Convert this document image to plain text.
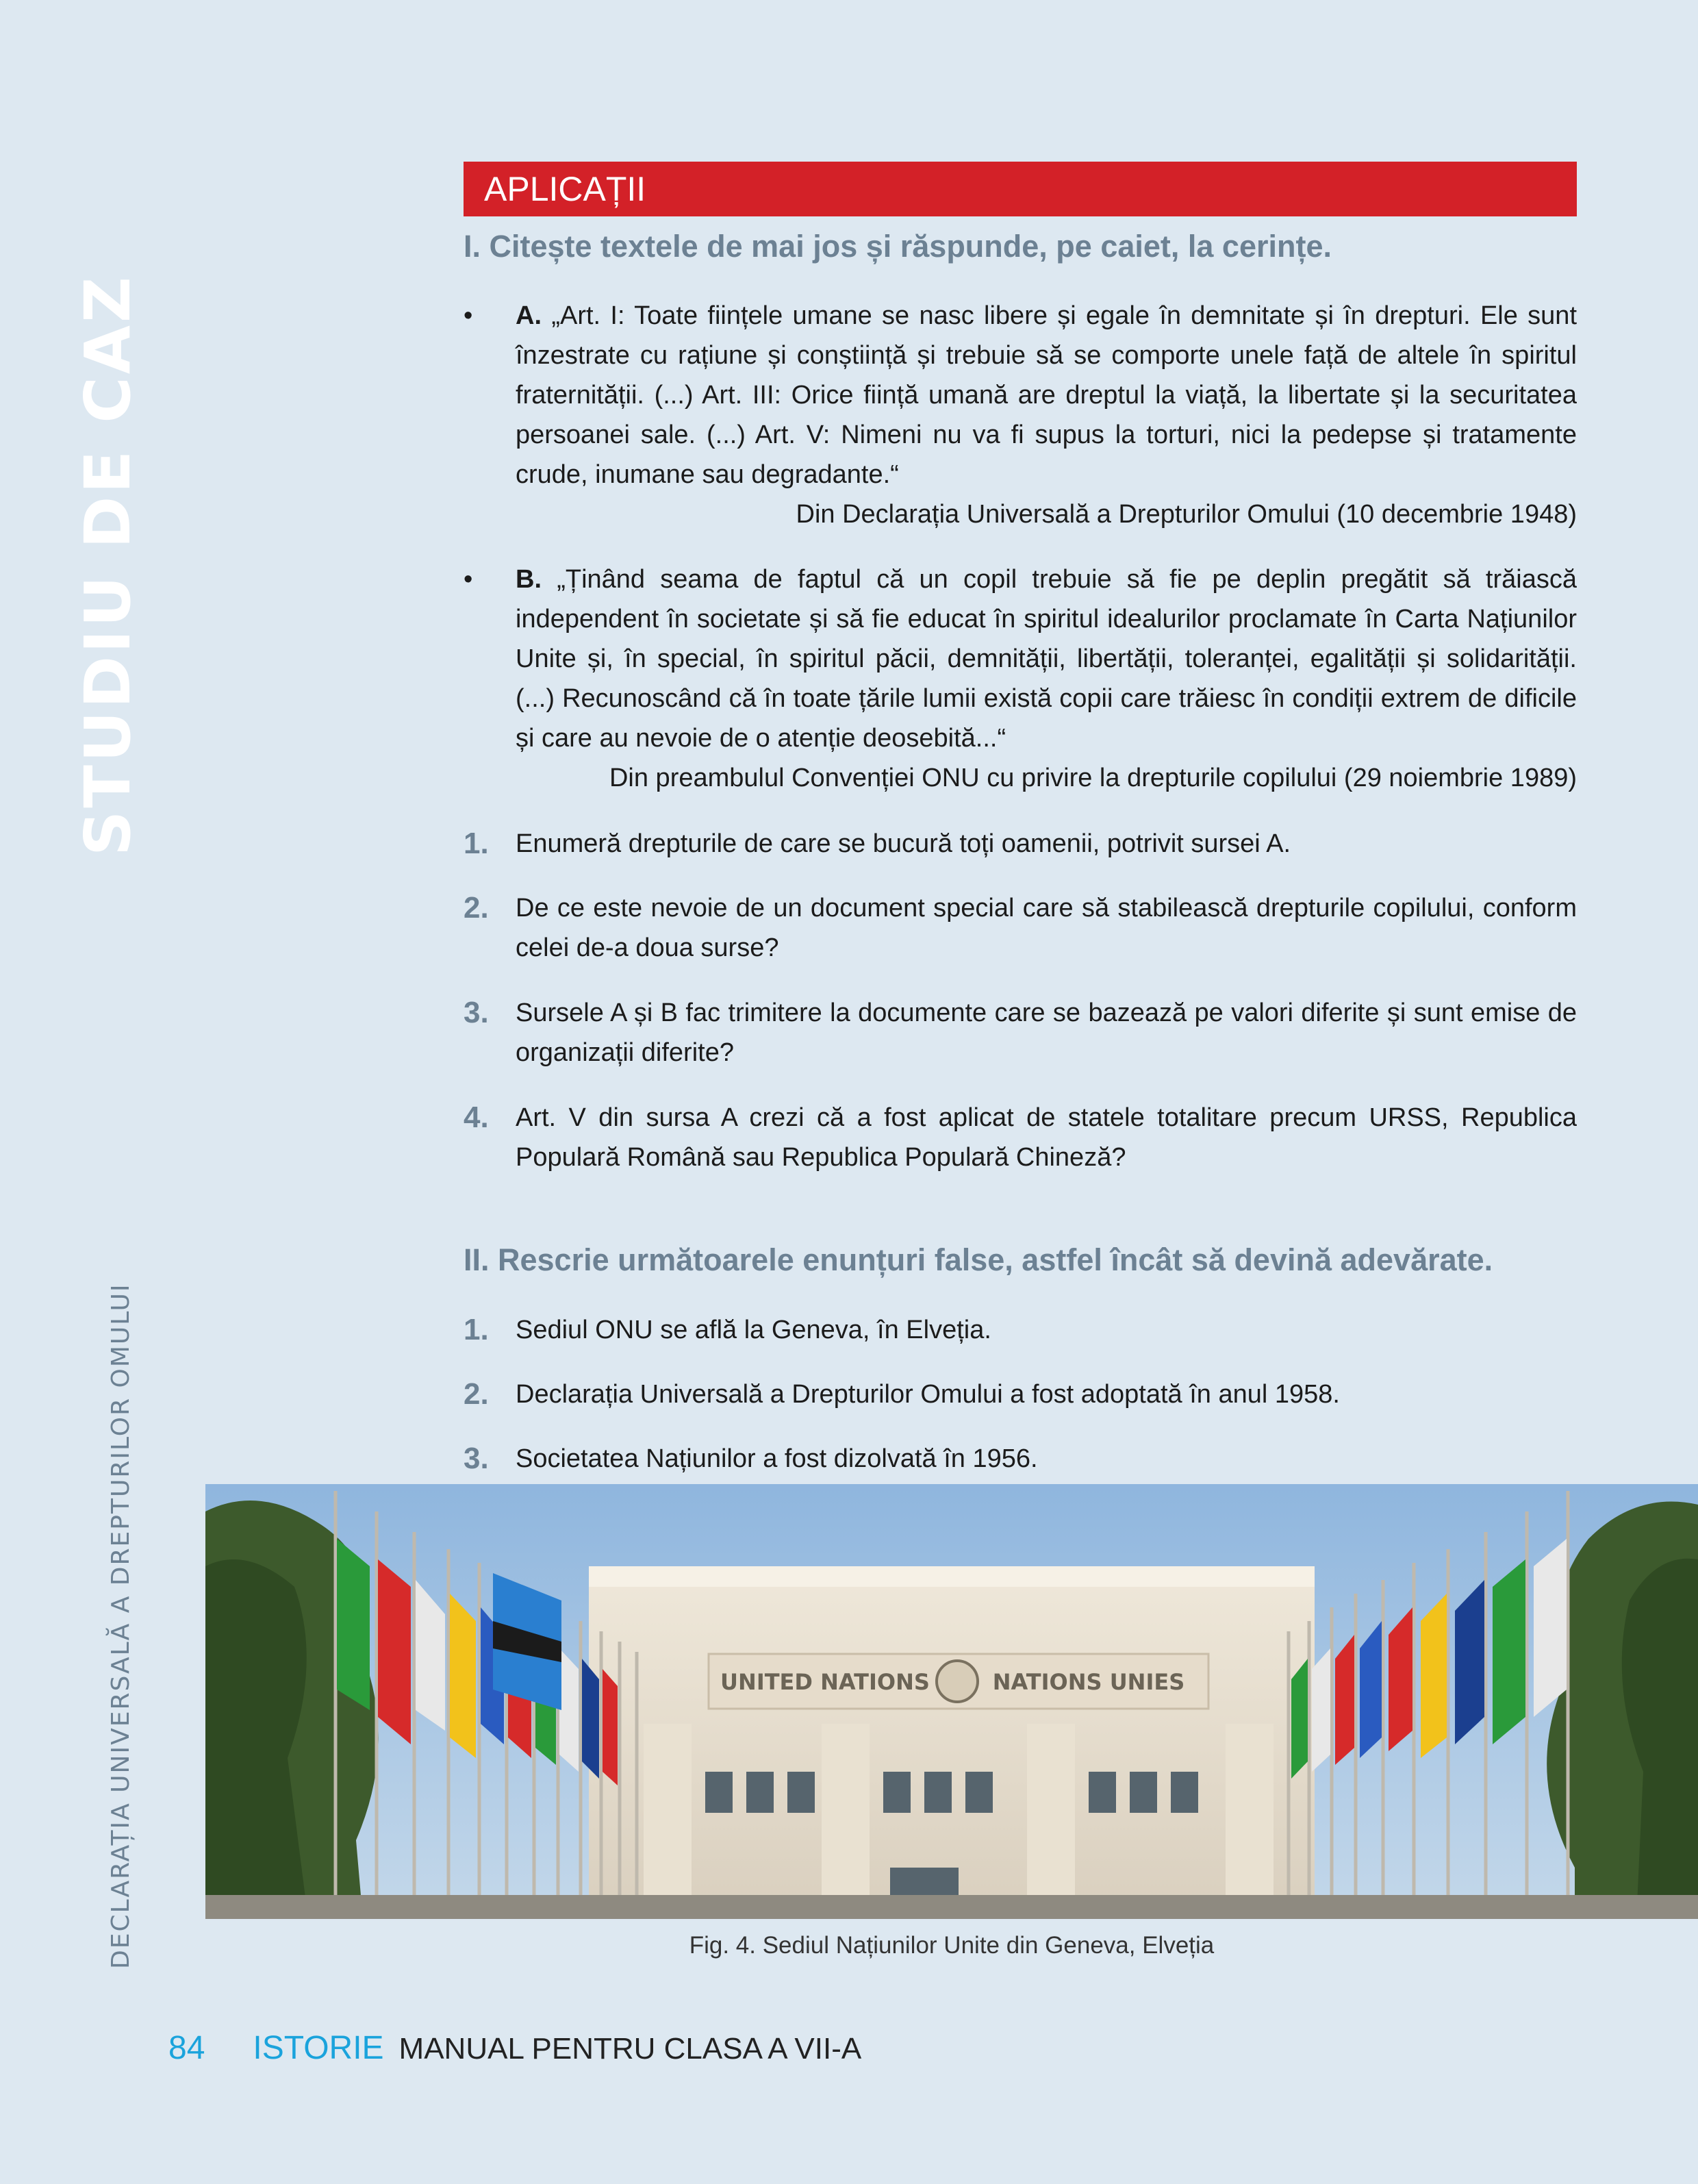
STUDIU DE CAZ
DECLARAȚIA UNIVERSALĂ A DREPTURILOR OMULUI
APLICAȚII
I. Citește textele de mai jos și răspunde, pe caiet, la cerințe.
• A. „Art. I: Toate ființele umane se nasc libere și egale în demnitate și în drepturi. Ele sunt înzestrate cu rațiune și conștiință și trebuie să se comporte unele față de altele în spiritul fraternității. (...) Art. III: Orice ființă umană are dreptul la viață, la libertate și la securitatea persoanei sale. (...) Art. V: Nimeni nu va fi supus la torturi, nici la pedepse și tratamente crude, inumane sau degradante.“
Din Declarația Universală a Drepturilor Omului (10 decembrie 1948)
• B. „Ținând seama de faptul că un copil trebuie să fie pe deplin pregătit să trăiască independent în societate și să fie educat în spiritul idealurilor proclamate în Carta Națiunilor Unite și, în special, în spiritul păcii, demnității, libertății, toleranței, egalității și solidarității. (...) Recunoscând că în toate țările lumii există copii care trăiesc în condiții extrem de dificile și care au nevoie de o atenție deosebită...“
Din preambulul Convenției ONU cu privire la drepturile copilului (29 noiembrie 1989)
1. Enumeră drepturile de care se bucură toți oamenii, potrivit sursei A.
2. De ce este nevoie de un document special care să stabilească drepturile copilului, conform celei de-a doua surse?
3. Sursele A și B fac trimitere la documente care se bazează pe valori diferite și sunt emise de organizații diferite?
4. Art. V din sursa A crezi că a fost aplicat de statele totalitare precum URSS, Republica Populară Română sau Republica Populară Chineză?
II. Rescrie următoarele enunțuri false, astfel încât să devină adevărate.
1. Sediul ONU se află la Geneva, în Elveția.
2. Declarația Universală a Drepturilor Omului a fost adoptată în anul 1958.
3. Societatea Națiunilor a fost dizolvată în 1956.
UNITED NATIONS	NATIONS UNIES
Fig. 4. Sediul Națiunilor Unite din Geneva, Elveția
84 ISTORIE MANUAL PENTRU CLASA A VII-A
